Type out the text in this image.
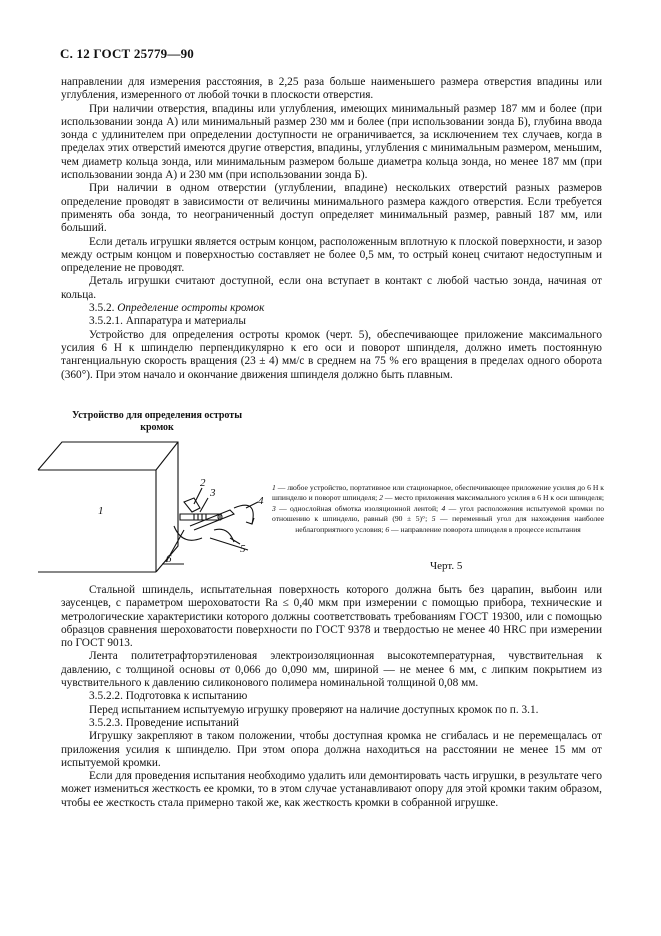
С. 12 ГОСТ 25779—90

направлении для измерения расстояния, в 2,25 раза больше наименьшего размера отверстия впадины или углубления, измеренного от любой точки в плоскости отверстия.

При наличии отверстия, впадины или углубления, имеющих минимальный размер 187 мм и более (при использовании зонда А) или минимальный размер 230 мм и более (при использовании зонда Б), глубина ввода зонда с удлинителем при определении доступности не ограничивается, за исключением тех случаев, когда в пределах этих отверстий имеются другие отверстия, впадины, углубления с минимальным размером, меньшим, чем диаметр кольца зонда, или минимальным размером больше диаметра кольца зонда, но менее 187 мм (при использовании зонда А) и 230 мм (при использовании зонда Б).

При наличии в одном отверстии (углублении, впадине) нескольких отверстий разных размеров определение проводят в зависимости от величины минимального размера каждого отверстия. Если требуется применять оба зонда, то неограниченный доступ определяет минимальный размер, равный 187 мм, или больший.

Если деталь игрушки является острым концом, расположенным вплотную к плоской поверхности, и зазор между острым концом и поверхностью составляет не более 0,5 мм, то острый конец считают недоступным и определение не проводят.

Деталь игрушки считают доступной, если она вступает в контакт с любой частью зонда, начиная от кольца.

3.5.2. Определение остроты кромок

3.5.2.1. Аппаратура и материалы

Устройство для определения остроты кромок (черт. 5), обеспечивающее приложение максимального усилия 6 Н к шпинделю перпендикулярно к его оси и поворот шпинделя, должно иметь постоянную тангенциальную скорость вращения (23 ± 4) мм/с в среднем на 75 % его вращения в пределах одного оборота (360°). При этом начало и окончание движения шпинделя должно быть плавным.

Устройство для определения остроты кромок
1
2
3
4
5
6
1 — любое устройство, портативное или стационарное, обеспечивающее приложение усилия до 6 Н к шпинделю и поворот шпинделя; 2 — место приложения максимального усилия в 6 Н к оси шпинделя; 3 — однослойная обмотка изоляционной лентой; 4 — угол расположения испытуемой кромки по отношению к шпинделю, равный (90 ± 5)°; 5 — переменный угол для нахождения наиболее неблагоприятного условия; 6 — направление поворота шпинделя в процессе испытания
Черт. 5

Стальной шпиндель, испытательная поверхность которого должна быть без царапин, выбоин или заусенцев, с параметром шероховатости Ra ≤ 0,40 мкм при измерении с помощью прибора, технические и метрологические характеристики которого должны соответствовать требованиям ГОСТ 19300, или с помощью образцов сравнения шероховатости поверхности по ГОСТ 9378 и твердостью не менее 40 HRC при измерении по ГОСТ 9013.

Лента политетрафторэтиленовая электроизоляционная высокотемпературная, чувствительная к давлению, с толщиной основы от 0,066 до 0,090 мм, шириной — не менее 6 мм, с липким покрытием из чувствительного к давлению силиконового полимера номинальной толщиной 0,08 мм.

3.5.2.2. Подготовка к испытанию

Перед испытанием испытуемую игрушку проверяют на наличие доступных кромок по п. 3.1.

3.5.2.3. Проведение испытаний

Игрушку закрепляют в таком положении, чтобы доступная кромка не сгибалась и не перемещалась от приложения усилия к шпинделю. При этом опора должна находиться на расстоянии не менее 15 мм от испытуемой кромки.

Если для проведения испытания необходимо удалить или демонтировать часть игрушки, в результате чего может измениться жесткость ее кромки, то в этом случае устанавливают опору для этой кромки таким образом, чтобы ее жесткость стала примерно такой же, как жесткость кромки в собранной игрушке.
